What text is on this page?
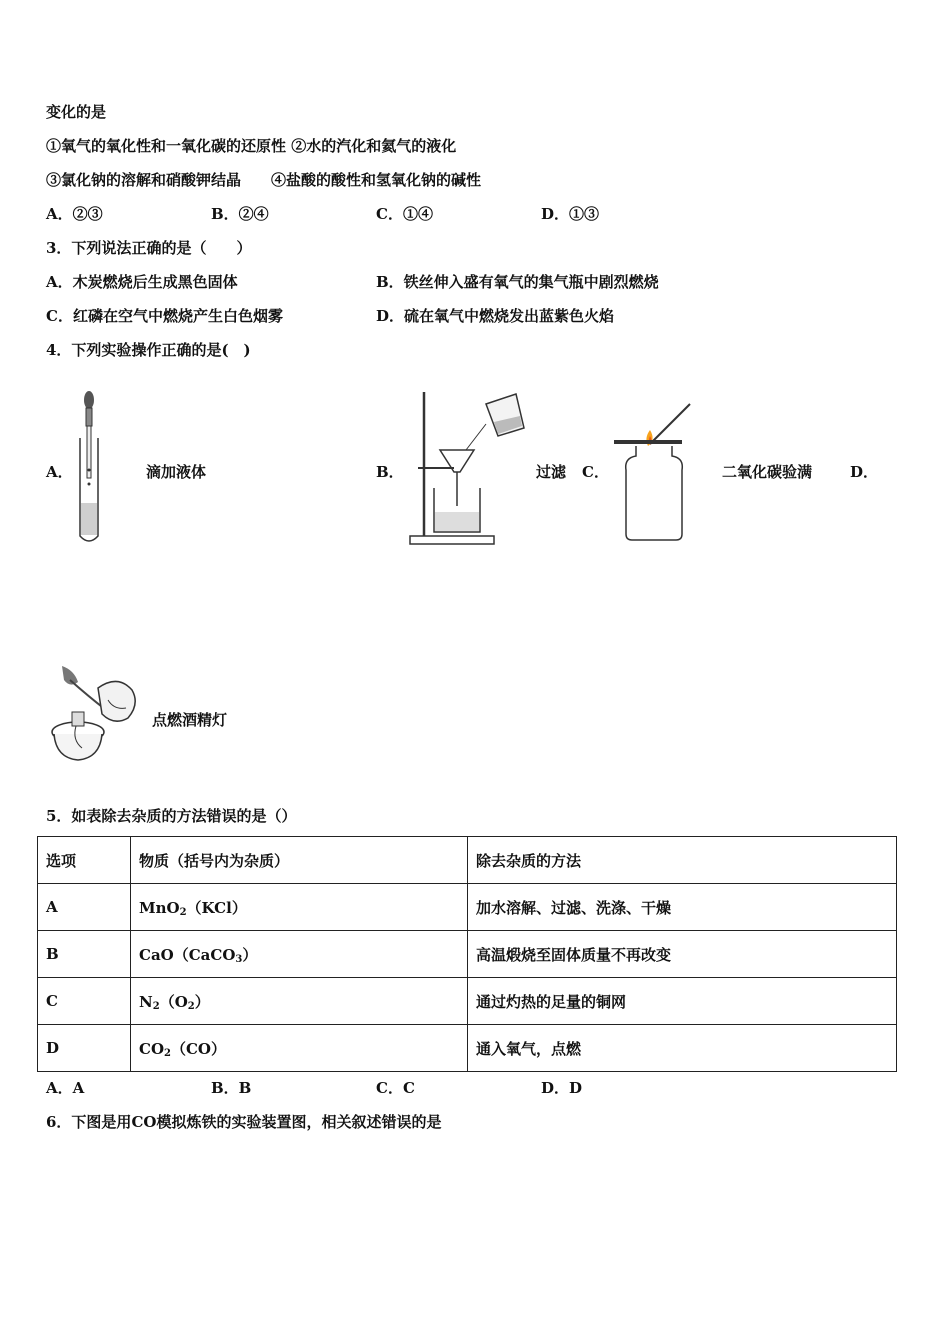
变化的是
①氧气的氧化性和一氧化碳的还原性 ②水的汽化和氦气的液化
③氯化钠的溶解和硝酸钾结晶　　④盐酸的酸性和氢氧化钠的碱性
A．②③	B．②④	C．①④	D．①③
3．下列说法正确的是（　　）
A．木炭燃烧后生成黑色固体	B．铁丝伸入盛有氧气的集气瓶中剧烈燃烧
C．红磷在空气中燃烧产生白色烟雾	D．硫在氧气中燃烧发出蓝紫色火焰
4．下列实验操作正确的是(　)
A．	滴加液体	B．	过滤 C．	二氧化碳验满	D．
点燃酒精灯
5．如表除去杂质的方法错误的是（）
选项	物质（括号内为杂质）	除去杂质的方法
A	MnO$_2$（KCl）	加水溶解、过滤、洗涤、干燥
B	CaO（CaCO$_3$）	高温煅烧至固体质量不再改变
C	$N_2(O_2)$	通过灼热的足量的铜网
D	$CO_2(CO)$	通入氧气，点燃
A．A	B．B	C．C	D．D
6．下图是用CO模拟炼铁的实验装置图，相关叙述错误的是
